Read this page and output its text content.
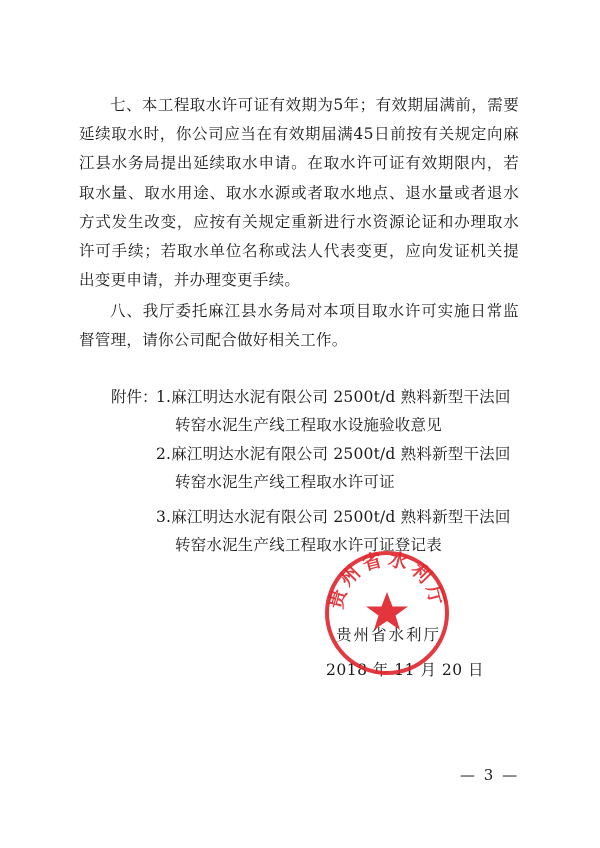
七、本工程取水许可证有效期为5年；有效期届满前，需要延续取水时，你公司应当在有效期届满45日前按有关规定向麻江县水务局提出延续取水申请。在取水许可证有效期限内，若取水量、取水用途、取水水源或者取水地点、退水量或者退水方式发生改变，应按有关规定重新进行水资源论证和办理取水许可手续；若取水单位名称或法人代表变更，应向发证机关提出变更申请，并办理变更手续。

八、我厅委托麻江县水务局对本项目取水许可实施日常监督管理，请你公司配合做好相关工作。

附件：
1.麻江明达水泥有限公司 2500t/d 熟料新型干法回
转窑水泥生产线工程取水设施验收意见
2.麻江明达水泥有限公司 2500t/d 熟料新型干法回
转窑水泥生产线工程取水许可证
3.麻江明达水泥有限公司 2500t/d 熟料新型干法回
转窑水泥生产线工程取水许可证登记表
贵州省水利厅
2018 年 11 月 20 日
贵州省水利厅
— 3 —
